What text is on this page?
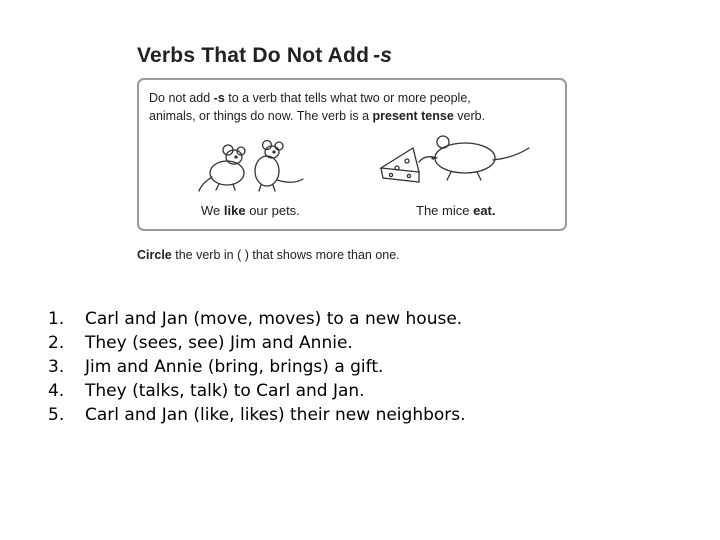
Verbs That Do Not Add -s
Do not add -s to a verb that tells what two or more people,
animals, or things do now. The verb is a present tense verb.
We like our pets.	The mice eat.
Circle the verb in ( ) that shows more than one.
1.	Carl and Jan (move, moves) to a new house.
2.	They (sees, see) Jim and Annie.
3.	Jim and Annie (bring, brings) a gift.
4.	They (talks, talk) to Carl and Jan.
5.	Carl and Jan (like, likes) their new neighbors.
